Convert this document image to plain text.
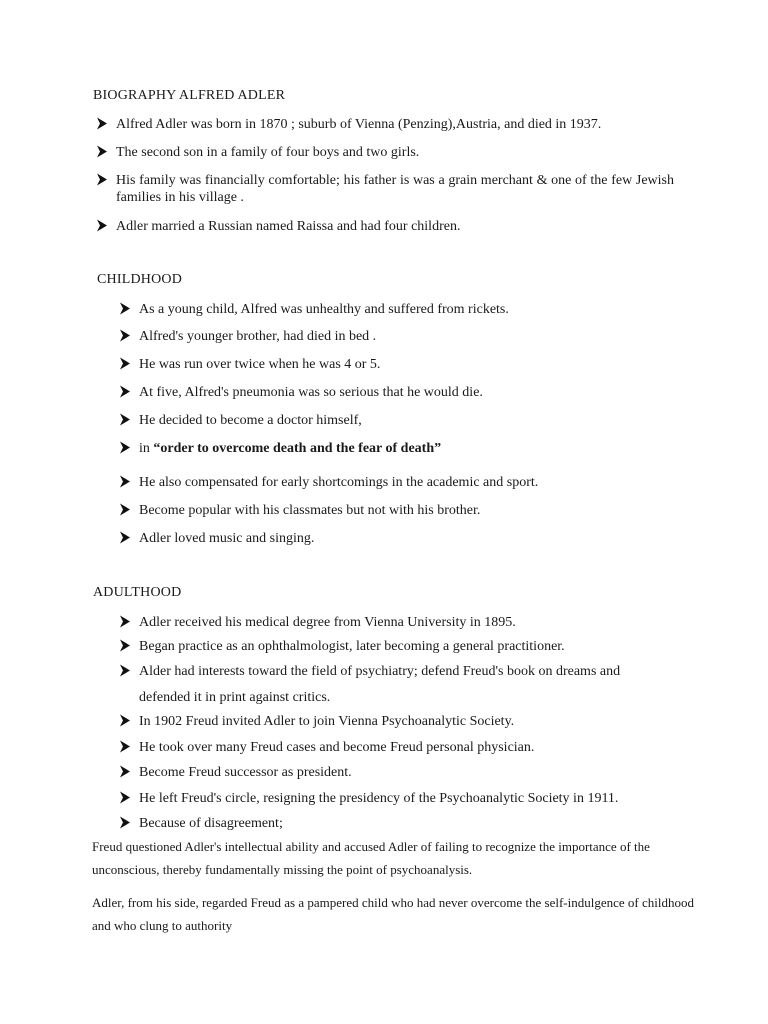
BIOGRAPHY ALFRED ADLER
Alfred Adler was born in 1870 ; suburb of Vienna (Penzing),Austria, and died in 1937.
The second son in a family of four boys and two girls.
His family was financially comfortable; his father is was a grain merchant & one of the few Jewish families in his village .
Adler married a Russian named Raissa and had four children.
CHILDHOOD
As a young child, Alfred was unhealthy and suffered from rickets.
Alfred's younger brother, had died in bed .
He was run over twice when he was 4 or 5.
At five, Alfred's pneumonia was so serious that he would die.
He decided to become a doctor himself,
in “order to overcome death and the fear of death”
He also compensated for early shortcomings in the academic and sport.
Become popular with his classmates but not with his brother.
Adler loved music and singing.
ADULTHOOD
Adler received his medical degree from Vienna University in 1895.
Began practice as an ophthalmologist, later becoming a general practitioner.
Alder had interests toward the field of psychiatry; defend Freud's book on dreams and
defended it in print against critics.
In 1902 Freud invited Adler to join Vienna Psychoanalytic Society.
He took over many Freud cases and become Freud personal physician.
Become Freud successor as president.
He left Freud's circle, resigning the presidency of the Psychoanalytic Society in 1911.
Because of disagreement;
Freud questioned Adler's intellectual ability and accused Adler of failing to recognize the importance of the unconscious, thereby fundamentally missing the point of psychoanalysis.
Adler, from his side, regarded Freud as a pampered child who had never overcome the self-indulgence of childhood and who clung to authority
